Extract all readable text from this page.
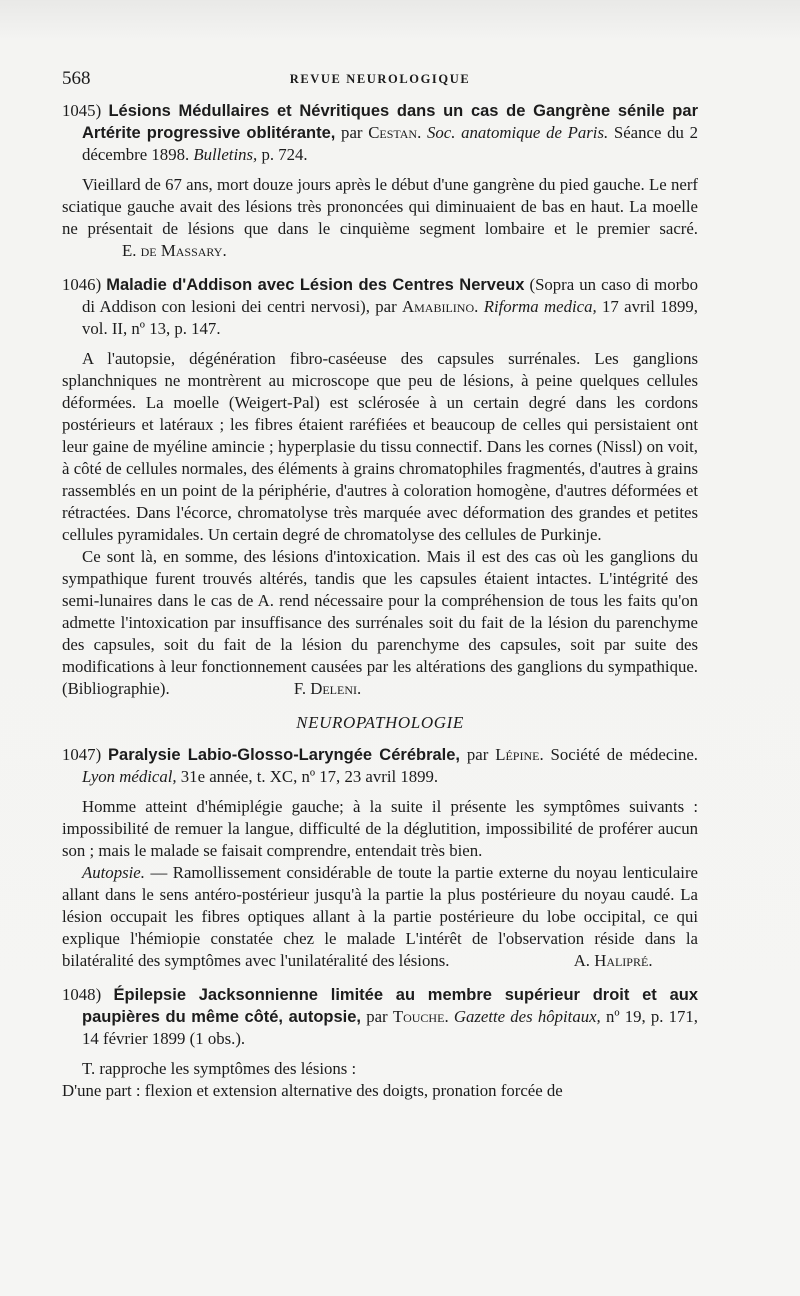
568	REVUE NEUROLOGIQUE
1045) Lésions Médullaires et Névritiques dans un cas de Gangrène sénile par Artérite progressive oblitérante, par Cestan. Soc. anatomique de Paris. Séance du 2 décembre 1898. Bulletins, p. 724.

Vieillard de 67 ans, mort douze jours après le début d'une gangrène du pied gauche. Le nerf sciatique gauche avait des lésions très prononcées qui diminuaient de bas en haut. La moelle ne présentait de lésions que dans le cinquième segment lombaire et le premier sacré. E. de Massary.

1046) Maladie d'Addison avec Lésion des Centres Nerveux (Sopra un caso di morbo di Addison con lesioni dei centri nervosi), par Amabilino. Riforma medica, 17 avril 1899, vol. II, nº 13, p. 147.

A l'autopsie, dégénération fibro-caséeuse des capsules surrénales. Les ganglions splanchniques ne montrèrent au microscope que peu de lésions, à peine quelques cellules déformées. La moelle (Weigert-Pal) est sclérosée à un certain degré dans les cordons postérieurs et latéraux ; les fibres étaient raréfiées et beaucoup de celles qui persistaient ont leur gaine de myéline amincie ; hyperplasie du tissu connectif. Dans les cornes (Nissl) on voit, à côté de cellules normales, des éléments à grains chromatophiles fragmentés, d'autres à grains rassemblés en un point de la périphérie, d'autres à coloration homogène, d'autres déformées et rétractées. Dans l'écorce, chromatolyse très marquée avec déformation des grandes et petites cellules pyramidales. Un certain degré de chromatolyse des cellules de Purkinje.

Ce sont là, en somme, des lésions d'intoxication. Mais il est des cas où les ganglions du sympathique furent trouvés altérés, tandis que les capsules étaient intactes. L'intégrité des semi-lunaires dans le cas de A. rend nécessaire pour la compréhension de tous les faits qu'on admette l'intoxication par insuffisance des surrénales soit du fait de la lésion du parenchyme des capsules, soit du fait de la lésion du parenchyme des capsules, soit par suite des modifications à leur fonctionnement causées par les altérations des ganglions du sympathique. (Bibliographie).	F. Deleni.

NEUROPATHOLOGIE
1047) Paralysie Labio-Glosso-Laryngée Cérébrale, par Lépine. Société de médecine. Lyon médical, 31e année, t. XC, nº 17, 23 avril 1899.

Homme atteint d'hémiplégie gauche; à la suite il présente les symptômes suivants : impossibilité de remuer la langue, difficulté de la déglutition, impossibilité de proférer aucun son ; mais le malade se faisait comprendre, entendait très bien.

Autopsie. — Ramollissement considérable de toute la partie externe du noyau lenticulaire allant dans le sens antéro-postérieur jusqu'à la partie la plus postérieure du noyau caudé. La lésion occupait les fibres optiques allant à la partie postérieure du lobe occipital, ce qui explique l'hémiopie constatée chez le malade L'intérêt de l'observation réside dans la bilatéralité des symptômes avec l'unilatéralité des lésions.	A. Halipré.

1048) Épilepsie Jacksonnienne limitée au membre supérieur droit et aux paupières du même côté, autopsie, par Touche. Gazette des hôpitaux, nº 19, p. 171, 14 février 1899 (1 obs.).

T. rapproche les symptômes des lésions :

D'une part : flexion et extension alternative des doigts, pronation forcée de
